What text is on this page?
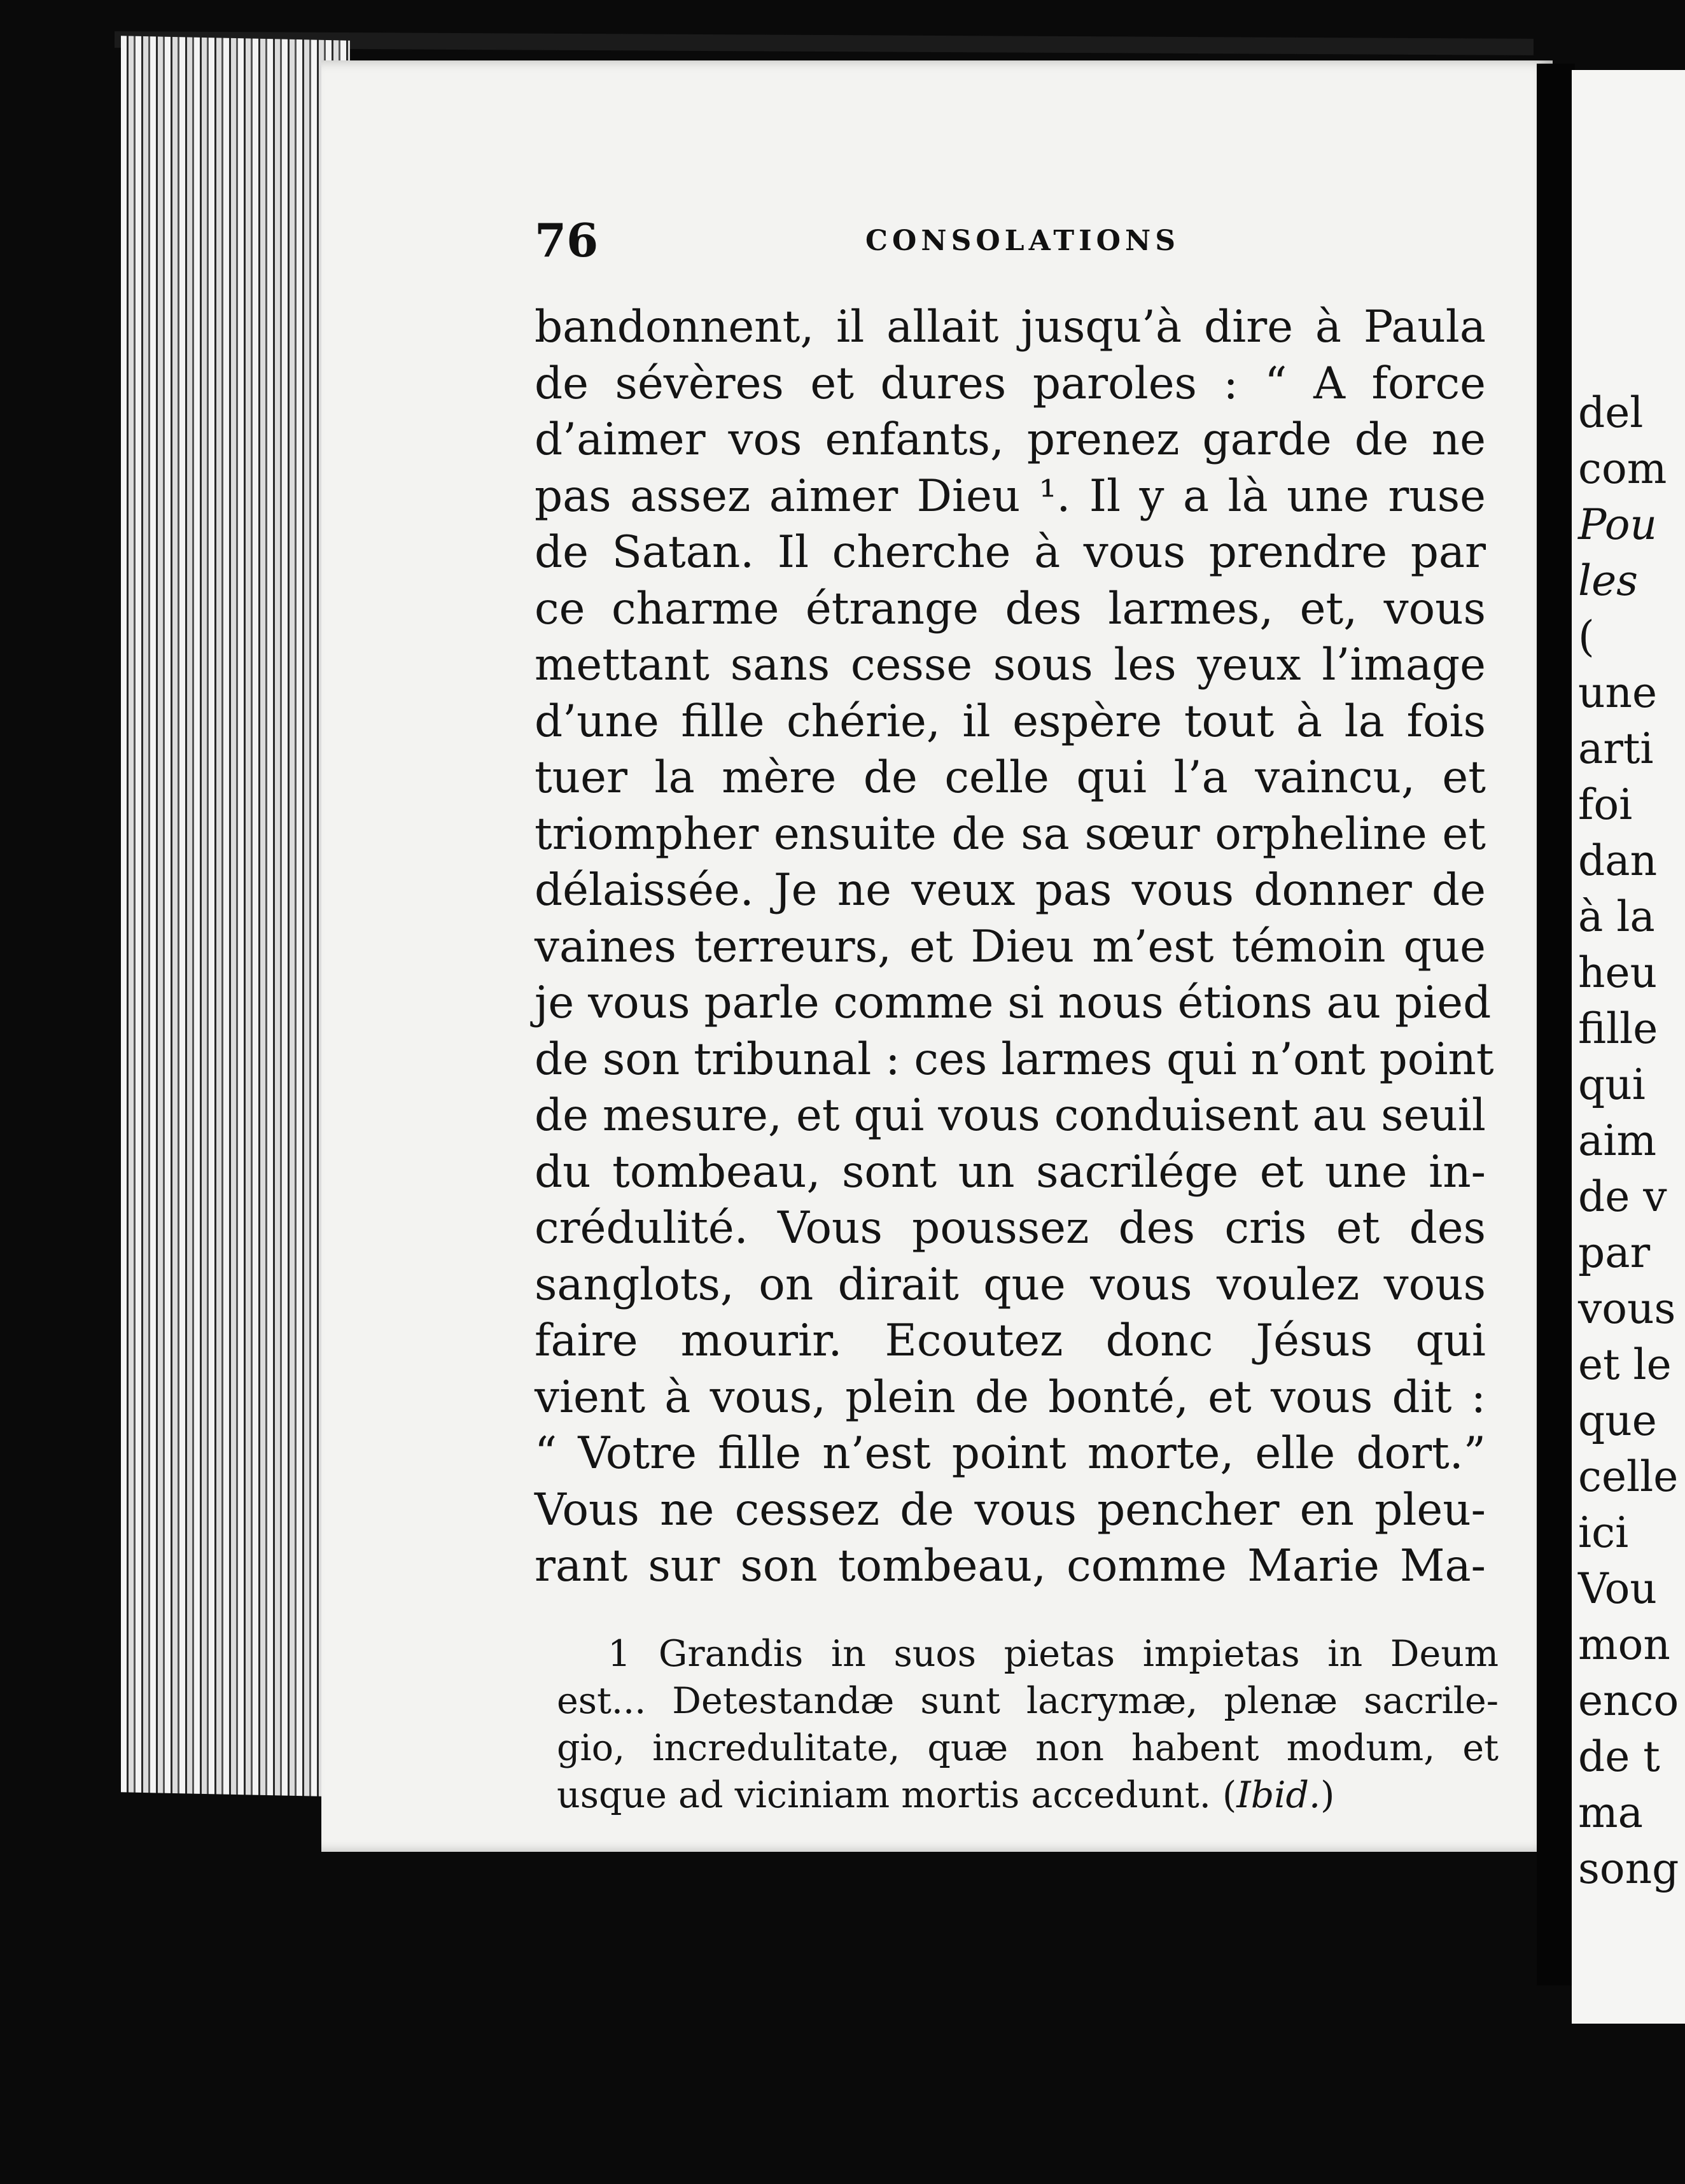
76	CONSOLATIONS
bandonnent, il allait jusqu’à dire à Paula
de sévères et dures paroles : “ A force
d’aimer vos enfants, prenez garde de ne
pas assez aimer Dieu ¹. Il y a là une ruse
de Satan. Il cherche à vous prendre par
ce charme étrange des larmes, et, vous
mettant sans cesse sous les yeux l’image
d’une fille chérie, il espère tout à la fois
tuer la mère de celle qui l’a vaincu, et
triompher ensuite de sa sœur orpheline et
délaissée. Je ne veux pas vous donner de
vaines terreurs, et Dieu m’est témoin que
je vous parle comme si nous étions au pied
de son tribunal : ces larmes qui n’ont point
de mesure, et qui vous conduisent au seuil
du tombeau, sont un sacrilége et une in-
crédulité. Vous poussez des cris et des
sanglots, on dirait que vous voulez vous
faire mourir. Ecoutez donc Jésus qui
vient à vous, plein de bonté, et vous dit :
“ Votre fille n’est point morte, elle dort.”
Vous ne cessez de vous pencher en pleu-
rant sur son tombeau, comme Marie Ma-
1 Grandis in suos pietas impietas in Deum
est... Detestandæ sunt lacrymæ, plenæ sacrile-
gio, incredulitate, quæ non habent modum, et
usque ad viciniam mortis accedunt. (Ibid.)
del
com
Pou
les
(
une
arti
foi
dan
à la
heu
fille
qui
aim
de v
par
vous
et le
que
celle
ici
Vou
mon
enco
de t
ma
song
